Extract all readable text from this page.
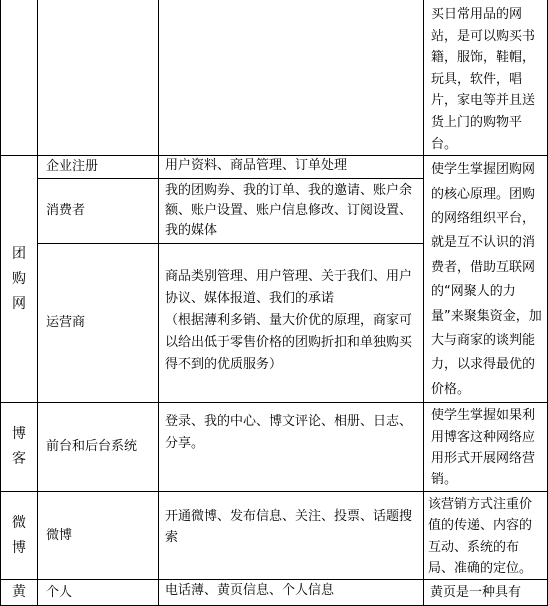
			买日常用品的网站，是可以购买书籍，服饰，鞋帽，玩具，软件，唱片，家电等并且送货上门的购物平台。

团购网	企业注册	用户资料、商品管理、订单处理	使学生掌握团购网的核心原理。团购的网络组织平台，就是互不认识的消费者，借助互联网的“网聚人的力量”来聚集资金，加大与商家的谈判能力，以求得最优的价格。
	消费者	我的团购券、我的订单、我的邀请、账户余额、账户设置、账户信息修改、订阅设置、我的媒体	
	运营商	商品类别管理、用户管理、关于我们、用户协议、媒体报道、我们的承诺
（根据薄利多销、量大价优的原理，商家可以给出低于零售价格的团购折扣和单独购买得不到的优质服务）	

博客	前台和后台系统	登录、我的中心、博文评论、相册、日志、分享。	使学生掌握如果利用博客这种网络应用形式开展网络营销。

微博	微博	开通微博、发布信息、关注、投票、话题搜索	该营销方式注重价值的传递、内容的互动、系统的布局、准确的定位。

黄	个人	电话薄、黄页信息、个人信息	黄页是一种具有
